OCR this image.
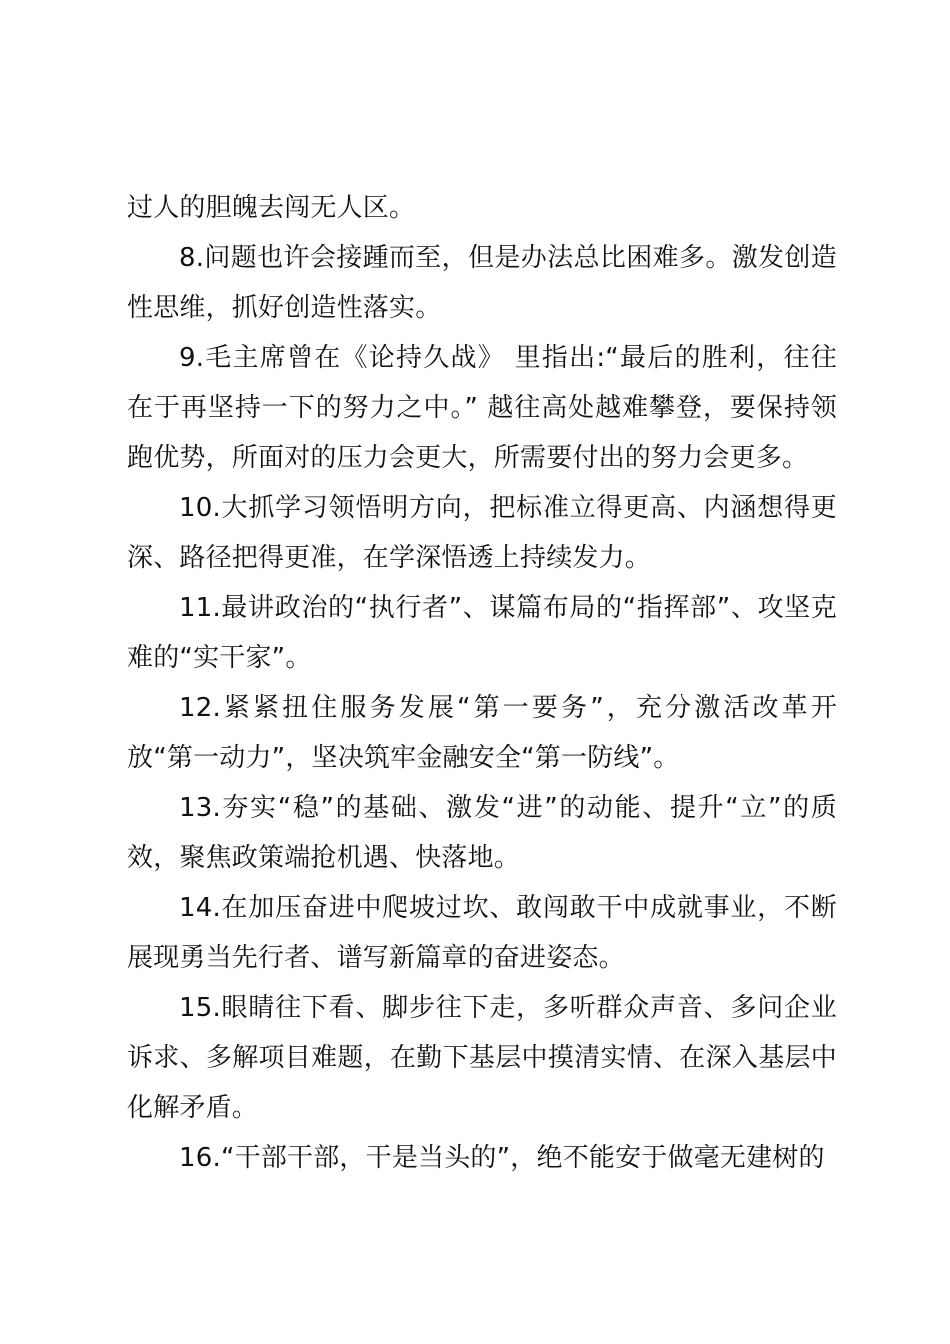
过人的胆魄去闯无人区。

8.问题也许会接踵而至，但是办法总比困难多。激发创造性思维，抓好创造性落实。

9.毛主席曾在《论持久战》 里指出:“最后的胜利，往往在于再坚持一下的努力之中。” 越往高处越难攀登，要保持领跑优势，所面对的压力会更大，所需要付出的努力会更多。

10.大抓学习领悟明方向，把标准立得更高、内涵想得更深、路径把得更准，在学深悟透上持续发力。

11.最讲政治的“执行者”、谋篇布局的“指挥部”、攻坚克难的“实干家”。

12.紧紧扭住服务发展“第一要务”，充分激活改革开放“第一动力”，坚决筑牢金融安全“第一防线”。

13.夯实“稳”的基础、激发“进”的动能、提升“立”的质效，聚焦政策端抢机遇、快落地。

14.在加压奋进中爬坡过坎、敢闯敢干中成就事业，不断展现勇当先行者、谱写新篇章的奋进姿态。

15.眼睛往下看、脚步往下走，多听群众声音、多问企业诉求、多解项目难题，在勤下基层中摸清实情、在深入基层中化解矛盾。

16.“干部干部，干是当头的”，绝不能安于做毫无建树的
